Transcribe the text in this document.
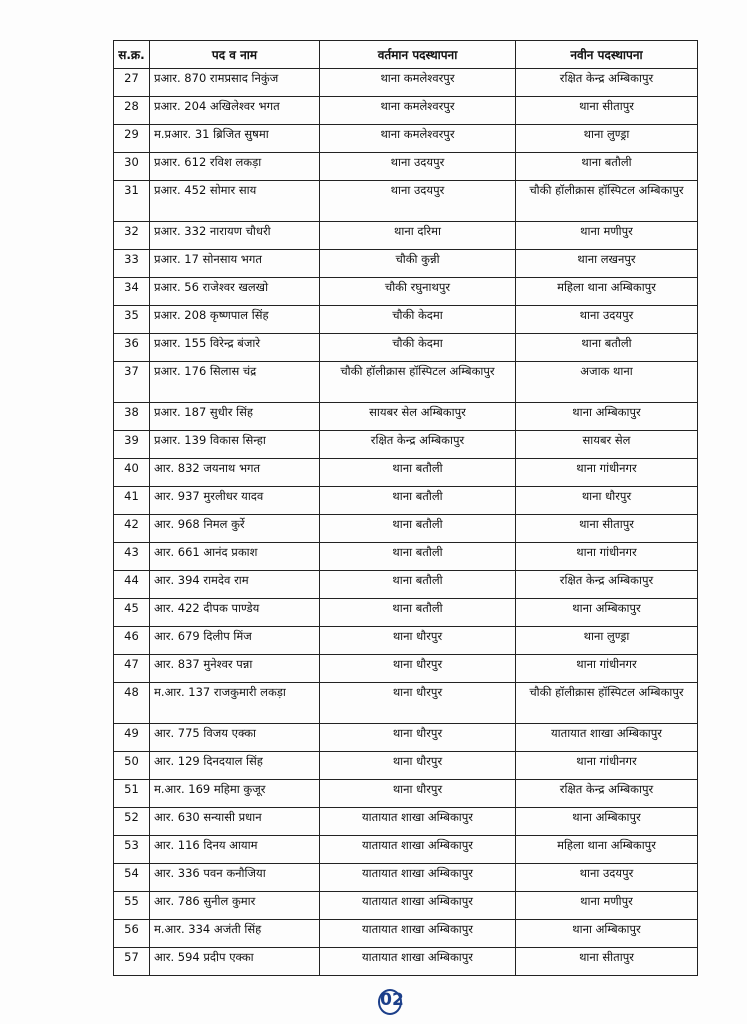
स.क्र.	पद व नाम	वर्तमान पदस्थापना	नवीन पदस्थापना
27	प्रआर. 870 रामप्रसाद निकुंज	थाना कमलेश्वरपुर	रक्षित केन्द्र अम्बिकापुर
28	प्रआर. 204 अखिलेश्वर भगत	थाना कमलेश्वरपुर	थाना सीतापुर
29	म.प्रआर. 31 ब्रिजित सुषमा	थाना कमलेश्वरपुर	थाना लुण्ड्रा
30	प्रआर. 612 रविश लकड़ा	थाना उदयपुर	थाना बतौली
31	प्रआर. 452 सोमार साय	थाना उदयपुर	चौकी हॉलीक्रास हॉस्पिटल अम्बिकापुर
32	प्रआर. 332 नारायण चौधरी	थाना दरिमा	थाना मणीपुर
33	प्रआर. 17 सोनसाय भगत	चौकी कुन्नी	थाना लखनपुर
34	प्रआर. 56 राजेश्वर खलखो	चौकी रघुनाथपुर	महिला थाना अम्बिकापुर
35	प्रआर. 208 कृष्णपाल सिंह	चौकी केदमा	थाना उदयपुर
36	प्रआर. 155 विरेन्द्र बंजारे	चौकी केदमा	थाना बतौली
37	प्रआर. 176 सिलास चंद्र	चौकी हॉलीक्रास हॉस्पिटल अम्बिकापुर	अजाक थाना
38	प्रआर. 187 सुधीर सिंह	सायबर सेल अम्बिकापुर	थाना अम्बिकापुर
39	प्रआर. 139 विकास सिन्हा	रक्षित केन्द्र अम्बिकापुर	सायबर सेल
40	आर. 832 जयनाथ भगत	थाना बतौली	थाना गांधीनगर
41	आर. 937 मुरलीधर यादव	थाना बतौली	थाना धौरपुर
42	आर. 968 निमल कुर्रे	थाना बतौली	थाना सीतापुर
43	आर. 661 आनंद प्रकाश	थाना बतौली	थाना गांधीनगर
44	आर. 394 रामदेव राम	थाना बतौली	रक्षित केन्द्र अम्बिकापुर
45	आर. 422 दीपक पाण्डेय	थाना बतौली	थाना अम्बिकापुर
46	आर. 679 दिलीप मिंज	थाना धौरपुर	थाना लुण्ड्रा
47	आर. 837 मुनेश्वर पन्ना	थाना धौरपुर	थाना गांधीनगर
48	म.आर. 137 राजकुमारी लकड़ा	थाना धौरपुर	चौकी हॉलीक्रास हॉस्पिटल अम्बिकापुर
49	आर. 775 विजय एक्का	थाना धौरपुर	यातायात शाखा अम्बिकापुर
50	आर. 129 दिनदयाल सिंह	थाना धौरपुर	थाना गांधीनगर
51	म.आर. 169 महिमा कुजूर	थाना धौरपुर	रक्षित केन्द्र अम्बिकापुर
52	आर. 630 सन्यासी प्रधान	यातायात शाखा अम्बिकापुर	थाना अम्बिकापुर
53	आर. 116 दिनय आयाम	यातायात शाखा अम्बिकापुर	महिला थाना अम्बिकापुर
54	आर. 336 पवन कनौजिया	यातायात शाखा अम्बिकापुर	थाना उदयपुर
55	आर. 786 सुनील कुमार	यातायात शाखा अम्बिकापुर	थाना मणीपुर
56	म.आर. 334 अजंती सिंह	यातायात शाखा अम्बिकापुर	थाना अम्बिकापुर
57	आर. 594 प्रदीप एक्का	यातायात शाखा अम्बिकापुर	थाना सीतापुर
02
